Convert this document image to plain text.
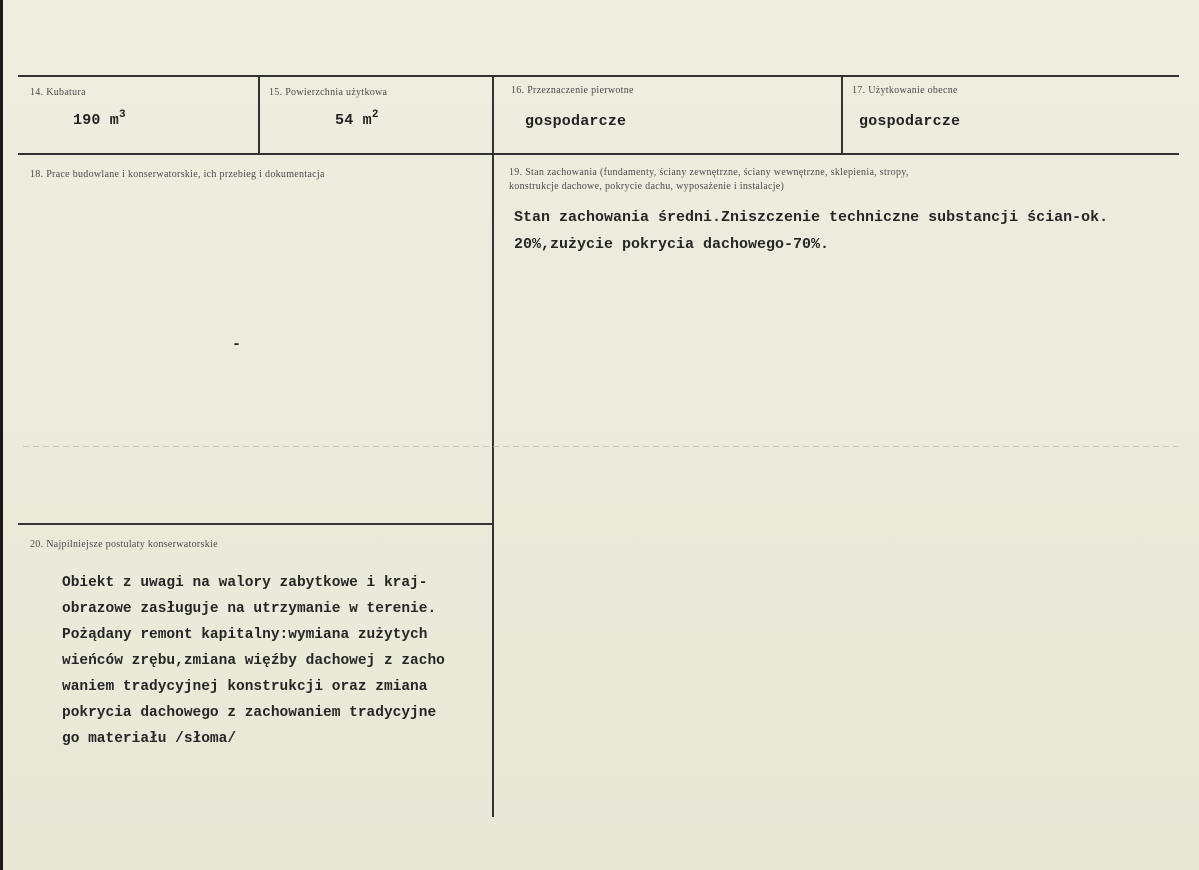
14. Kubatura
190 $m^3$
15. Powierzchnia użytkowa
54 $m^2$
16. Przeznaczenie pierwotne
gospodarcze
17. Użytkowanie obecne
gospodarcze
18. Prace budowlane i konserwatorskie, ich przebieg i dokumentacja
-
19. Stan zachowania (fundamenty, ściany zewnętrzne, ściany wewnętrzne, sklepienia, stropy,
konstrukcje dachowe, pokrycie dachu, wyposażenie i instalacje)
Stan zachowania średni.Zniszczenie techniczne substancji ścian-ok.
20%,zużycie pokrycia dachowego-70%.
20. Najpilniejsze postulaty konserwatorskie
Obiekt z uwagi na walory zabytkowe i kraj-
obrazowe zasługuje na utrzymanie w terenie.
Pożądany remont kapitalny:wymiana zużytych
wieńców zrębu,zmiana więźby dachowej z zacho
waniem tradycyjnej konstrukcji oraz zmiana
pokrycia dachowego z zachowaniem tradycyjne
go materiału /słoma/
